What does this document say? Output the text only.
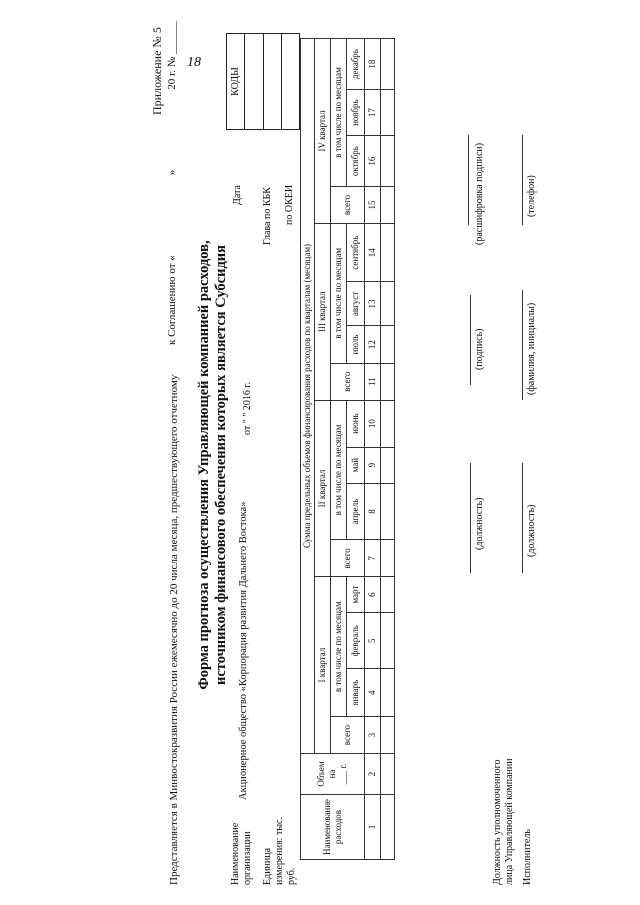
18
Приложение № 5
к Соглашению от «»20 г. № ______
Представляется в Минвостокразвития России ежемесячно до 20 числа месяца, предшествующего отчетному Форма прогноза осуществления Управляющей компанией расходов, источником финансового обеспечения которых является Субсидия от " " 2016 г.
Наименование организации
Акционерное общество «Корпорация развития Дальнего Востока»
Единица измерения: тыс. руб.
Дата Глава по КБК по ОКЕИ
КОДЫ
Наименование расходов	Объем на ___ г.	Сумма предельных объемов финансирования расходов по кварталам (месяцам)															
		I квартал				II квартал				III квартал				IV квартал			
		всего	в том числе по месяцам			всего	в том числе по месяцам			всего	в том числе по месяцам			всего	в том числе по месяцам		
			январь	февраль	март		апрель	май	июнь		июль	август	сентябрь		октябрь	ноябрь	декабрь
1	2	3	4	5	6	7	8	9	10	11	12	13	14	15	16	17	18

Должность уполномоченного лица Управляющей компании
(должность)
(подпись)
(расшифровка подписи)
Исполнитель
(должность)
(фамилия, инициалы)
(телефон)
